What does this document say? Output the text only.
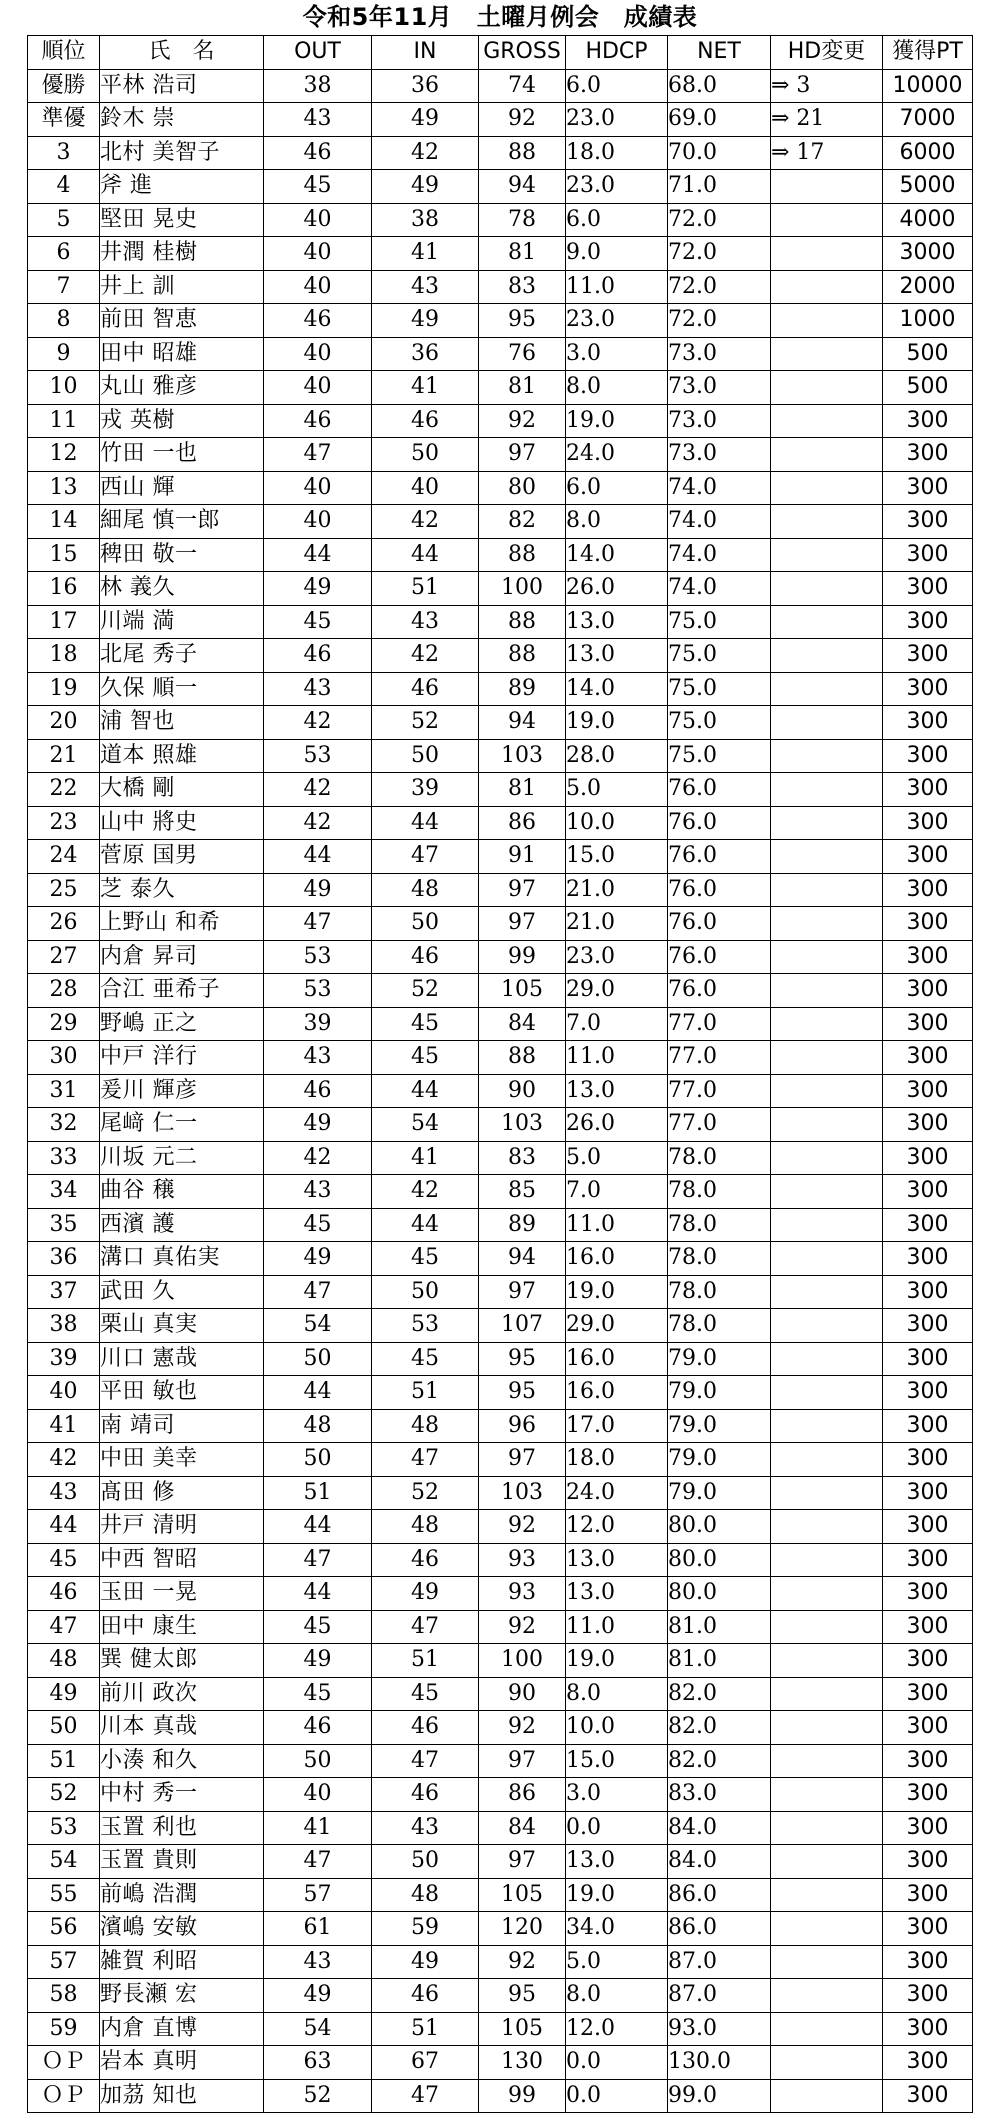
令和5年11月　土曜月例会　成績表
順位	氏　名	OUT	IN	GROSS	HDCP	NET	HD変更	獲得PT
優勝	平林 浩司	38	36	74	6.0	68.0	⇒ 3	10000
準優	鈴木 崇	43	49	92	23.0	69.0	⇒ 21	7000
3	北村 美智子	46	42	88	18.0	70.0	⇒ 17	6000
4	斧 進	45	49	94	23.0	71.0		5000
5	堅田 晃史	40	38	78	6.0	72.0		4000
6	井潤 桂樹	40	41	81	9.0	72.0		3000
7	井上 訓	40	43	83	11.0	72.0		2000
8	前田 智恵	46	49	95	23.0	72.0		1000
9	田中 昭雄	40	36	76	3.0	73.0		500
10	丸山 雅彦	40	41	81	8.0	73.0		500
11	戎 英樹	46	46	92	19.0	73.0		300
12	竹田 一也	47	50	97	24.0	73.0		300
13	西山 輝	40	40	80	6.0	74.0		300
14	細尾 慎一郎	40	42	82	8.0	74.0		300
15	稗田 敬一	44	44	88	14.0	74.0		300
16	林 義久	49	51	100	26.0	74.0		300
17	川端 満	45	43	88	13.0	75.0		300
18	北尾 秀子	46	42	88	13.0	75.0		300
19	久保 順一	43	46	89	14.0	75.0		300
20	浦 智也	42	52	94	19.0	75.0		300
21	道本 照雄	53	50	103	28.0	75.0		300
22	大橋 剛	42	39	81	5.0	76.0		300
23	山中 將史	42	44	86	10.0	76.0		300
24	菅原 国男	44	47	91	15.0	76.0		300
25	芝 泰久	49	48	97	21.0	76.0		300
26	上野山 和希	47	50	97	21.0	76.0		300
27	内倉 昇司	53	46	99	23.0	76.0		300
28	合江 亜希子	53	52	105	29.0	76.0		300
29	野嶋 正之	39	45	84	7.0	77.0		300
30	中戸 洋行	43	45	88	11.0	77.0		300
31	爰川 輝彦	46	44	90	13.0	77.0		300
32	尾﨑 仁一	49	54	103	26.0	77.0		300
33	川坂 元二	42	41	83	5.0	78.0		300
34	曲谷 穣	43	42	85	7.0	78.0		300
35	西濱 護	45	44	89	11.0	78.0		300
36	溝口 真佑実	49	45	94	16.0	78.0		300
37	武田 久	47	50	97	19.0	78.0		300
38	栗山 真実	54	53	107	29.0	78.0		300
39	川口 憲哉	50	45	95	16.0	79.0		300
40	平田 敏也	44	51	95	16.0	79.0		300
41	南 靖司	48	48	96	17.0	79.0		300
42	中田 美幸	50	47	97	18.0	79.0		300
43	髙田 修	51	52	103	24.0	79.0		300
44	井戸 清明	44	48	92	12.0	80.0		300
45	中西 智昭	47	46	93	13.0	80.0		300
46	玉田 一晃	44	49	93	13.0	80.0		300
47	田中 康生	45	47	92	11.0	81.0		300
48	巽 健太郎	49	51	100	19.0	81.0		300
49	前川 政次	45	45	90	8.0	82.0		300
50	川本 真哉	46	46	92	10.0	82.0		300
51	小湊 和久	50	47	97	15.0	82.0		300
52	中村 秀一	40	46	86	3.0	83.0		300
53	玉置 利也	41	43	84	0.0	84.0		300
54	玉置 貴則	47	50	97	13.0	84.0		300
55	前嶋 浩潤	57	48	105	19.0	86.0		300
56	濱嶋 安敏	61	59	120	34.0	86.0		300
57	雑賀 利昭	43	49	92	5.0	87.0		300
58	野長瀬 宏	49	46	95	8.0	87.0		300
59	内倉 直博	54	51	105	12.0	93.0		300
ＯＰ	岩本 真明	63	67	130	0.0	130.0		300
ＯＰ	加茘 知也	52	47	99	0.0	99.0		300
